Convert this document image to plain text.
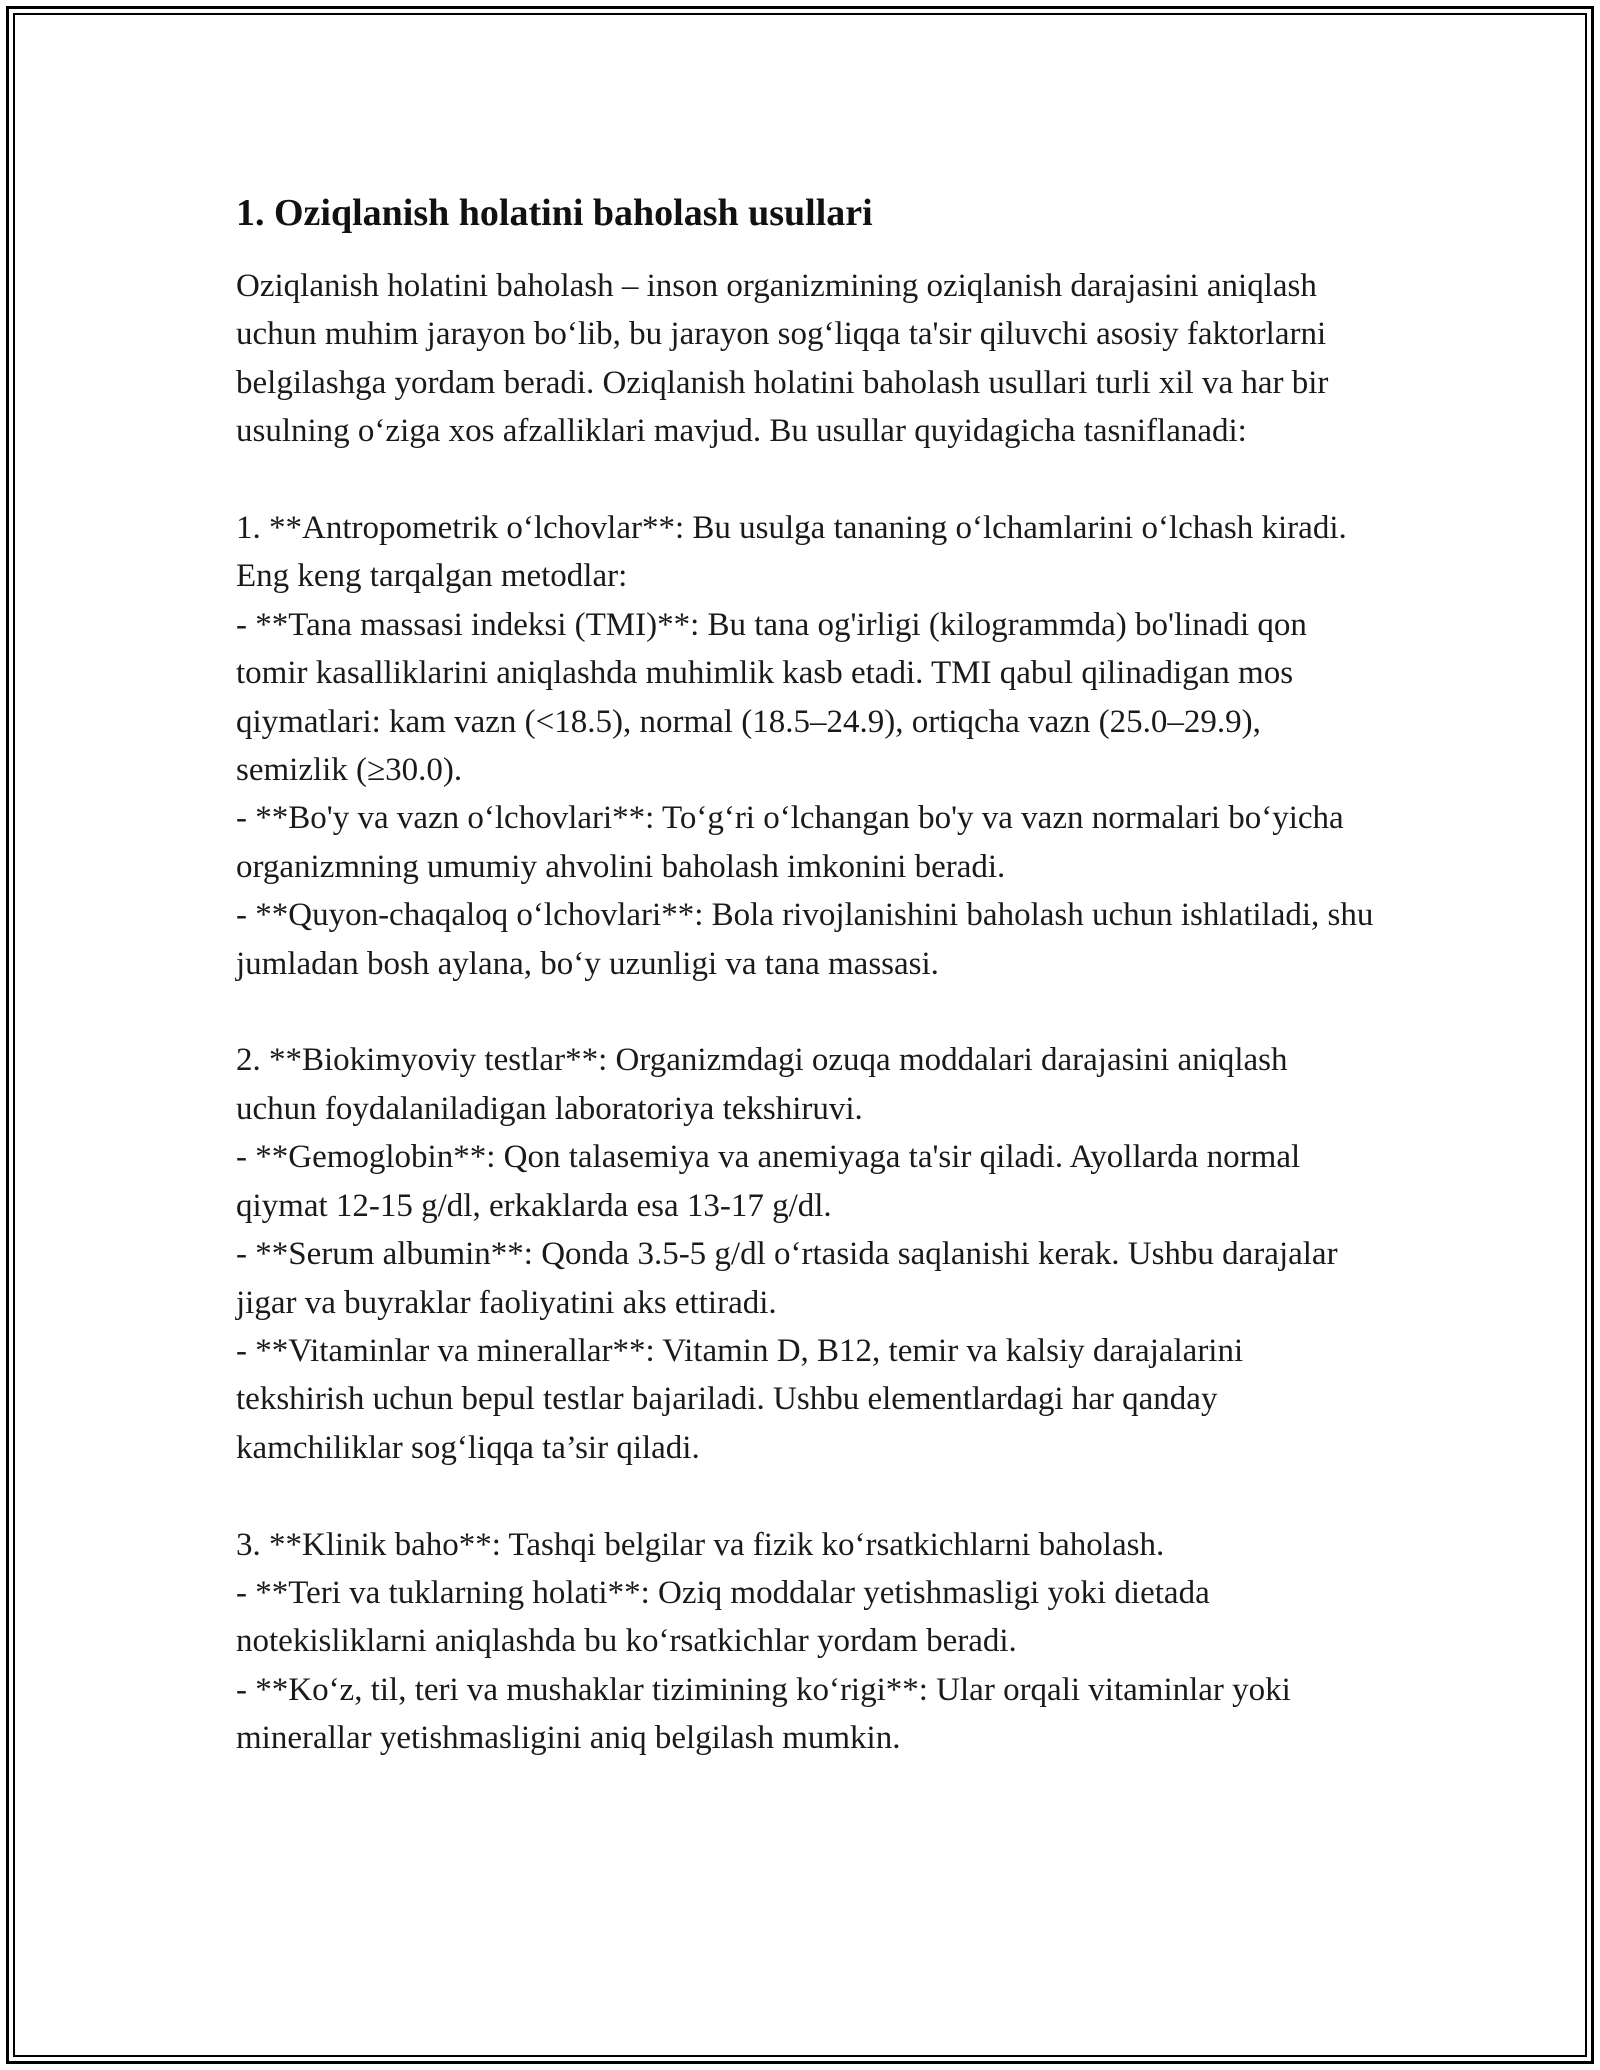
1. Oziqlanish holatini baholash usullari

Oziqlanish holatini baholash – inson organizmining oziqlanish darajasini aniqlash uchun muhim jarayon bo‘lib, bu jarayon sog‘liqqa ta'sir qiluvchi asosiy faktorlarni belgilashga yordam beradi. Oziqlanish holatini baholash usullari turli xil va har bir usulning o‘ziga xos afzalliklari mavjud. Bu usullar quyidagicha tasniflanadi:

1. **Antropometrik o‘lchovlar**: Bu usulga tananing o‘lchamlarini o‘lchash kiradi. Eng keng tarqalgan metodlar:
- **Tana massasi indeksi (TMI)**: Bu tana og'irligi (kilogrammda) bo'linadi qon tomir kasalliklarini aniqlashda muhimlik kasb etadi. TMI qabul qilinadigan mos qiymatlari: kam vazn (<18.5), normal (18.5–24.9), ortiqcha vazn (25.0–29.9), semizlik (≥30.0).
- **Bo'y va vazn o‘lchovlari**: To‘g‘ri o‘lchangan bo'y va vazn normalari bo‘yicha organizmning umumiy ahvolini baholash imkonini beradi.
- **Quyon-chaqaloq o‘lchovlari**: Bola rivojlanishini baholash uchun ishlatiladi, shu jumladan bosh aylana, bo‘y uzunligi va tana massasi.

2. **Biokimyoviy testlar**: Organizmdagi ozuqa moddalari darajasini aniqlash uchun foydalaniladigan laboratoriya tekshiruvi.
- **Gemoglobin**: Qon talasemiya va anemiyaga ta'sir qiladi. Ayollarda normal qiymat 12-15 g/dl, erkaklarda esa 13-17 g/dl.
- **Serum albumin**: Qonda 3.5-5 g/dl o‘rtasida saqlanishi kerak. Ushbu darajalar jigar va buyraklar faoliyatini aks ettiradi.
- **Vitaminlar va minerallar**: Vitamin D, B12, temir va kalsiy darajalarini tekshirish uchun bepul testlar bajariladi. Ushbu elementlardagi har qanday kamchiliklar sog‘liqqa ta’sir qiladi.

3. **Klinik baho**: Tashqi belgilar va fizik ko‘rsatkichlarni baholash.
- **Teri va tuklarning holati**: Oziq moddalar yetishmasligi yoki dietada notekisliklarni aniqlashda bu ko‘rsatkichlar yordam beradi.
- **Ko‘z, til, teri va mushaklar tizimining ko‘rigi**: Ular orqali vitaminlar yoki minerallar yetishmasligini aniq belgilash mumkin.
